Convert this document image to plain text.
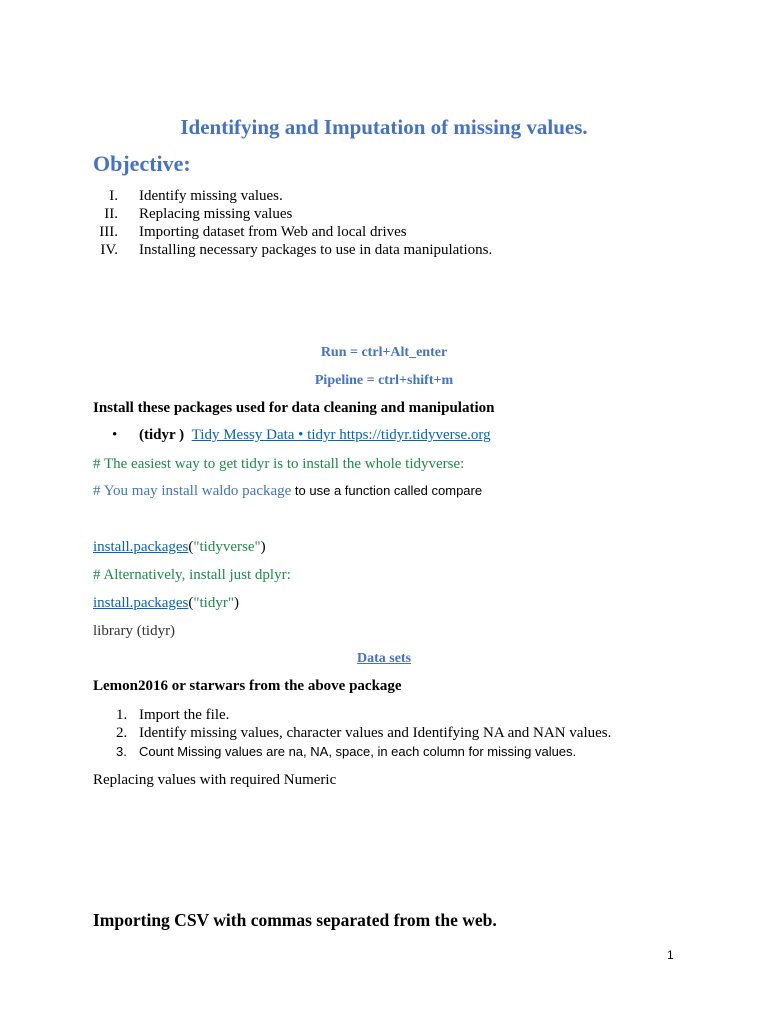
Identifying and Imputation of missing values.
Objective:
I. Identify missing values.
II. Replacing missing values
III. Importing dataset from Web and local drives
IV. Installing necessary packages to use in data manipulations.
Run = ctrl+Alt_enter
Pipeline = ctrl+shift+m
Install these packages used for data cleaning and manipulation
• (tidyr ) Tidy Messy Data • tidyr https://tidyr.tidyverse.org
# The easiest way to get tidyr is to install the whole tidyverse:
# You may install waldo package to use a function called compare
install.packages("tidyverse")
# Alternatively, install just dplyr:
install.packages("tidyr")
library (tidyr)
Data sets
Lemon2016 or starwars from the above package
1. Import the file.
2. Identify missing values, character values and Identifying NA and NAN values.
3. Count Missing values are na, NA, space, in each column for missing values.
Replacing values with required Numeric
Importing CSV with commas separated from the web.
1
